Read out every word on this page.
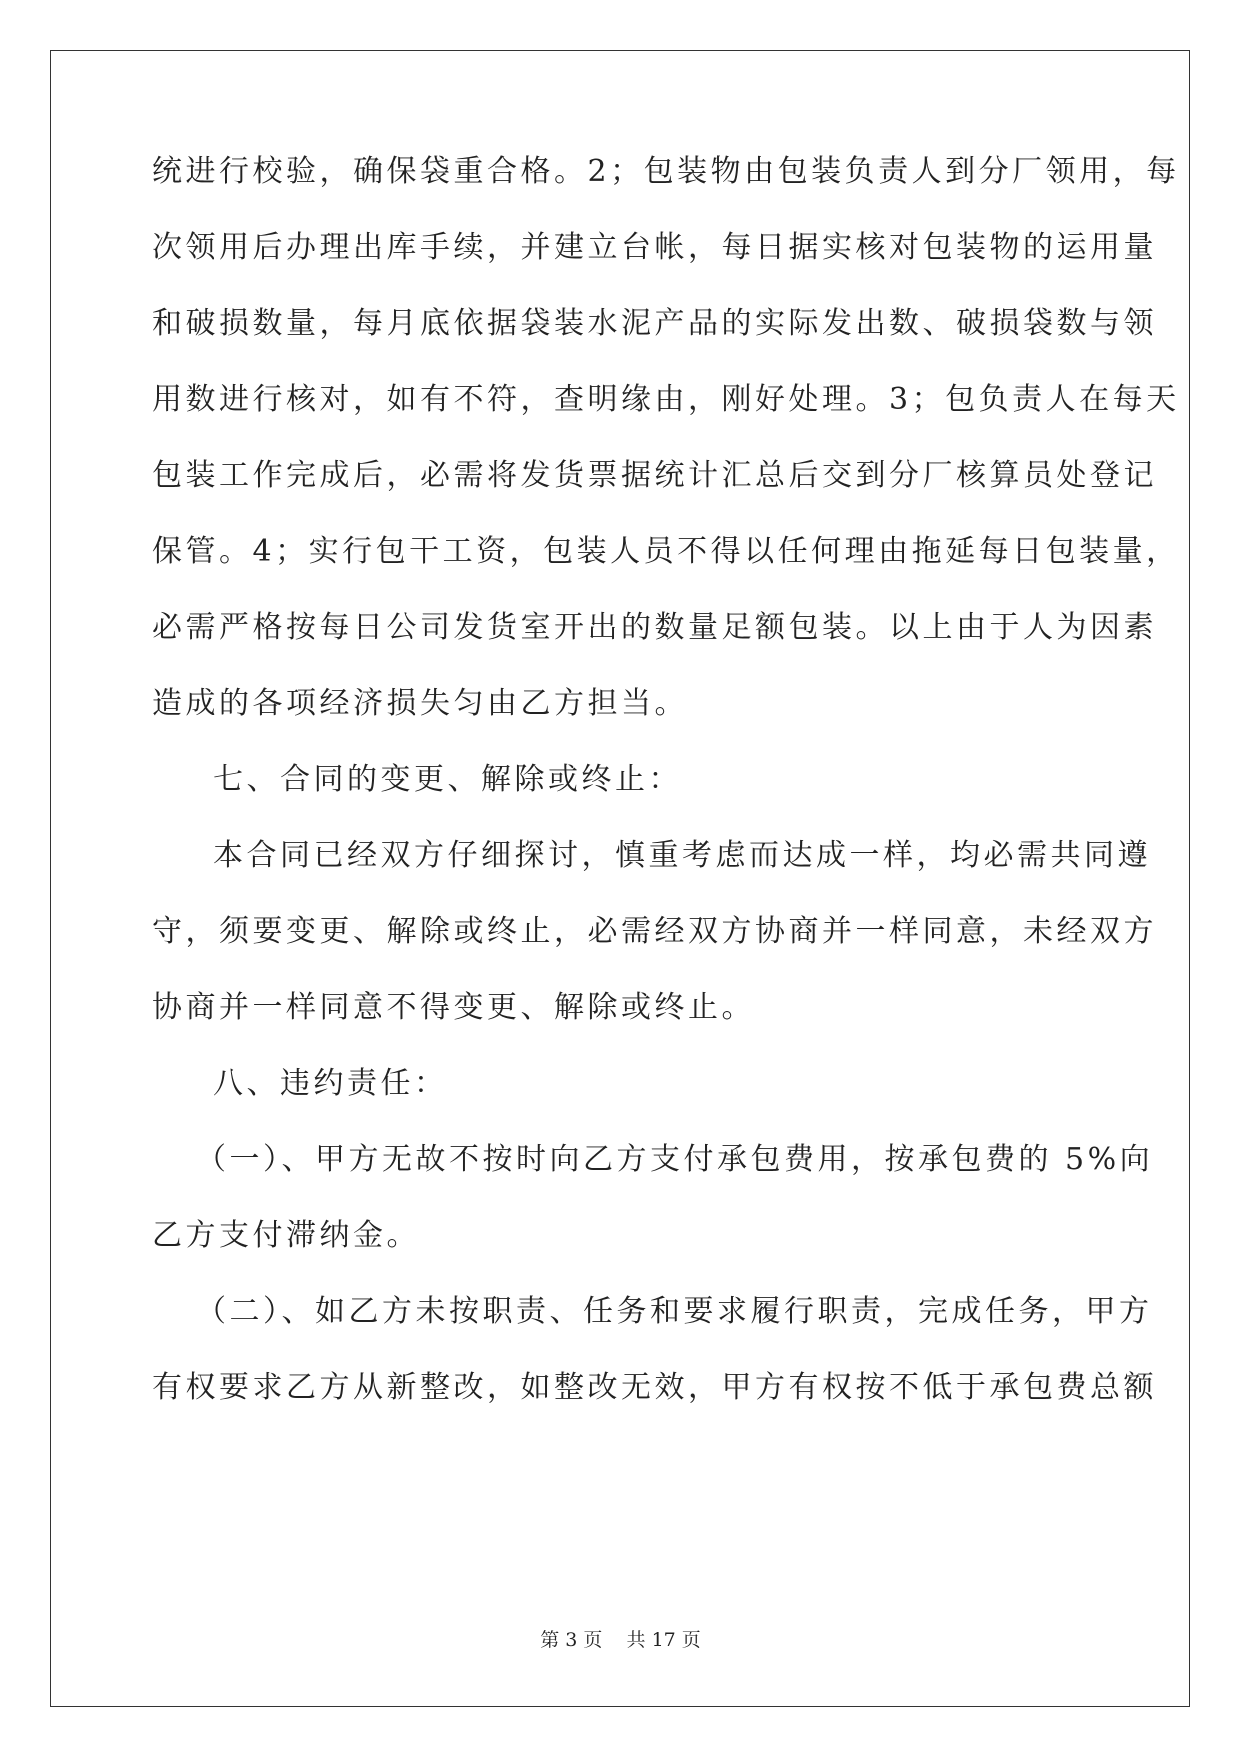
统进行校验，确保袋重合格。2；包装物由包装负责人到分厂领用，每
次领用后办理出库手续，并建立台帐，每日据实核对包装物的运用量
和破损数量，每月底依据袋装水泥产品的实际发出数、破损袋数与领
用数进行核对，如有不符，查明缘由，刚好处理。3；包负责人在每天
包装工作完成后，必需将发货票据统计汇总后交到分厂核算员处登记
保管。4；实行包干工资，包装人员不得以任何理由拖延每日包装量，
必需严格按每日公司发货室开出的数量足额包装。以上由于人为因素
造成的各项经济损失匀由乙方担当。
七、合同的变更、解除或终止：
本合同已经双方仔细探讨，慎重考虑而达成一样，均必需共同遵
守，须要变更、解除或终止，必需经双方协商并一样同意，未经双方
协商并一样同意不得变更、解除或终止。
八、违约责任：
（一）、甲方无故不按时向乙方支付承包费用，按承包费的 5%向
乙方支付滞纳金。
（二）、如乙方未按职责、任务和要求履行职责，完成任务，甲方
有权要求乙方从新整改，如整改无效，甲方有权按不低于承包费总额
第 3 页 共 17 页
